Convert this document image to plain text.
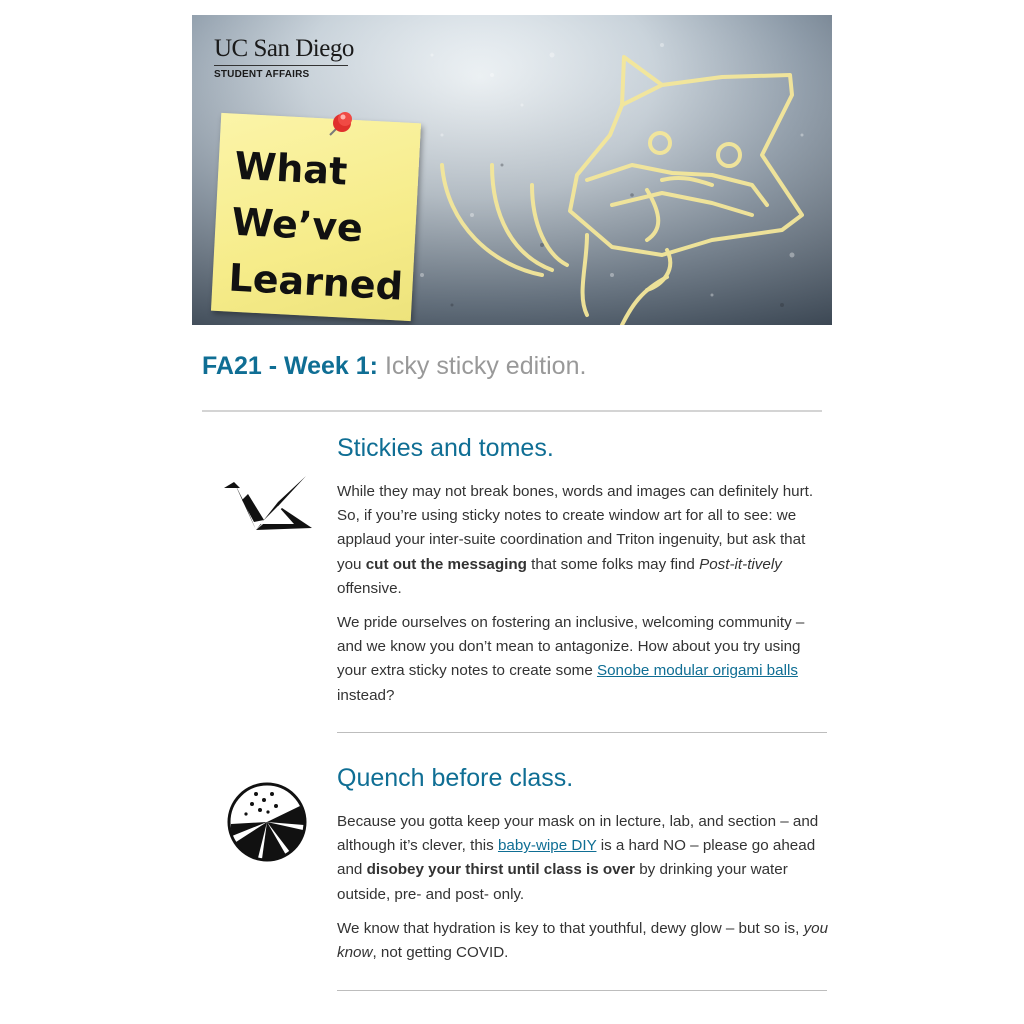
UC San Diego
STUDENT AFFAIRS
What
We’ve
Learned
FA21 - Week 1: Icky sticky edition.
Stickies and tomes.

While they may not break bones, words and images can definitely hurt. So, if you’re using sticky notes to create window art for all to see: we applaud your inter-suite coordination and Triton ingenuity, but ask that you cut out the messaging that some folks may find Post-it-tively offensive.

We pride ourselves on fostering an inclusive, welcoming community – and we know you don’t mean to antagonize. How about you try using your extra sticky notes to create some Sonobe modular origami balls instead?

Quench before class.

Because you gotta keep your mask on in lecture, lab, and section – and although it’s clever, this baby-wipe DIY is a hard NO – please go ahead and disobey your thirst until class is over by drinking your water outside, pre- and post- only.

We know that hydration is key to that youthful, dewy glow – but so is, you know, not getting COVID.
